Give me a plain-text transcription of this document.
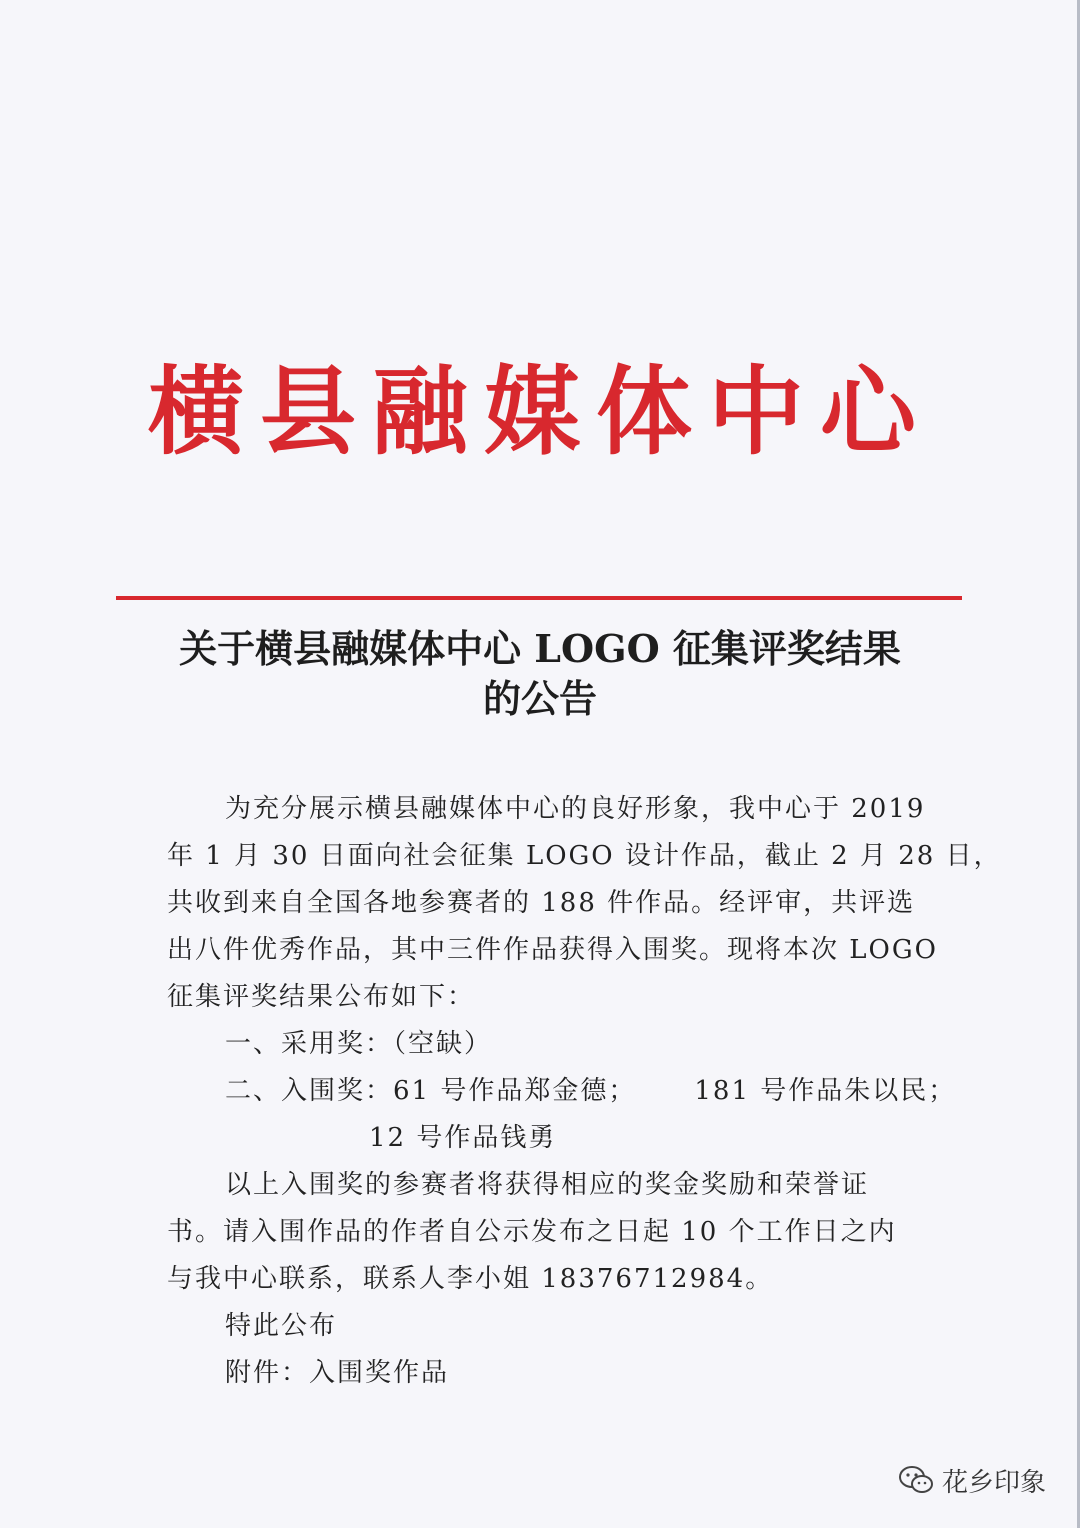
横县融媒体中心
关于横县融媒体中心 LOGO 征集评奖结果
的公告
为充分展示横县融媒体中心的良好形象，我中心于 2019
年 1 月 30 日面向社会征集 LOGO 设计作品，截止 2 月 28 日，
共收到来自全国各地参赛者的 188 件作品。经评审，共评选
出八件优秀作品，其中三件作品获得入围奖。现将本次 LOGO
征集评奖结果公布如下：
一、采用奖：（空缺）
二、入围奖：61 号作品郑金德； 181 号作品朱以民；
12 号作品钱勇
以上入围奖的参赛者将获得相应的奖金奖励和荣誉证
书。请入围作品的作者自公示发布之日起 10 个工作日之内
与我中心联系，联系人李小姐 18376712984。
特此公布
附件：入围奖作品
花乡印象
